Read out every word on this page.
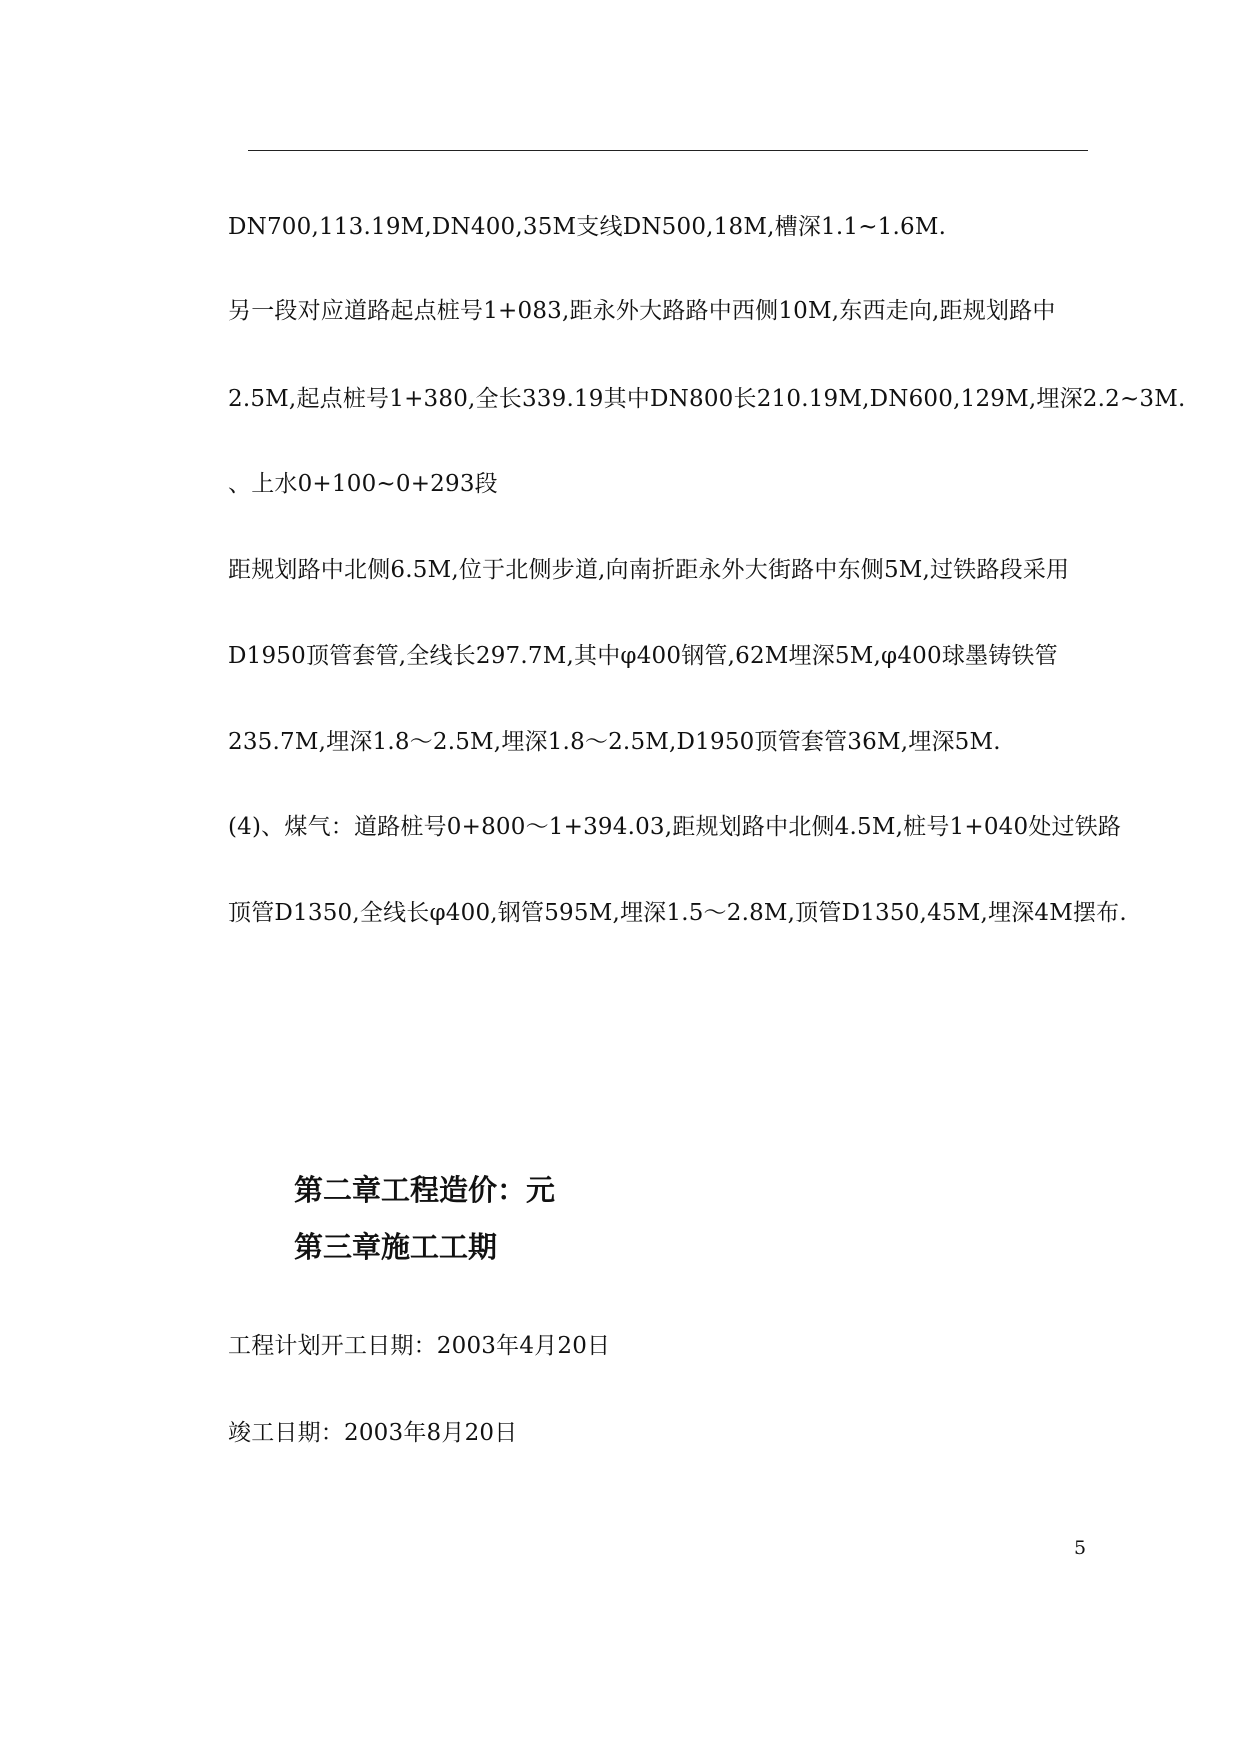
DN700,113.19M,DN400,35M支线DN500,18M,槽深1.1~1.6M.
另一段对应道路起点桩号1+083,距永外大路路中西侧10M,东西走向,距规划路中
2.5M,起点桩号1+380,全长339.19其中DN800长210.19M,DN600,129M,埋深2.2~3M.
、上水0+100~0+293段
距规划路中北侧6.5M,位于北侧步道,向南折距永外大街路中东侧5M,过铁路段采用
D1950顶管套管,全线长297.7M,其中φ400钢管,62M埋深5M,φ400球墨铸铁管
235.7M,埋深1.8～2.5M,埋深1.8～2.5M,D1950顶管套管36M,埋深5M.
(4)、煤气：道路桩号0+800～1+394.03,距规划路中北侧4.5M,桩号1+040处过铁路
顶管D1350,全线长φ400,钢管595M,埋深1.5～2.8M,顶管D1350,45M,埋深4M摆布.
第二章工程造价：元
第三章施工工期
工程计划开工日期：2003年4月20日
竣工日期：2003年8月20日
5
